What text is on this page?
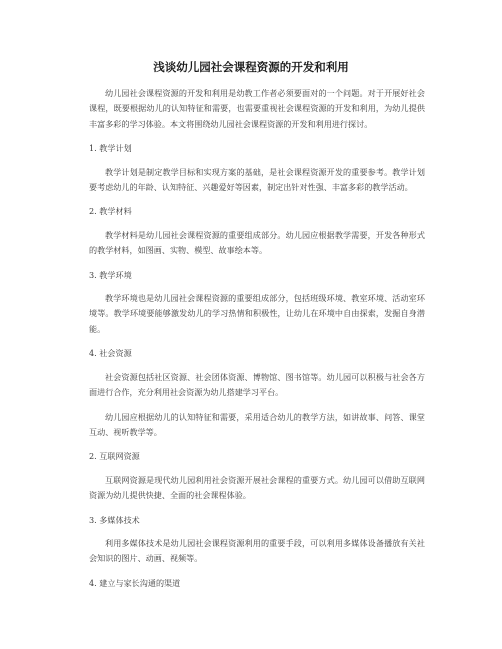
浅谈幼儿园社会课程资源的开发和利用

幼儿园社会课程资源的开发和利用是幼教工作者必须要面对的一个问题。对于开展好社会课程，既要根据幼儿的认知特征和需要，也需要重视社会课程资源的开发和利用，为幼儿提供丰富多彩的学习体验。本文将围绕幼儿园社会课程资源的开发和利用进行探讨。

1. 教学计划

教学计划是制定教学目标和实现方案的基础，是社会课程资源开发的重要参考。教学计划要考虑幼儿的年龄、认知特征、兴趣爱好等因素，制定出针对性强、丰富多彩的教学活动。

2. 教学材料

教学材料是幼儿园社会课程资源的重要组成部分。幼儿园应根据教学需要，开发各种形式的教学材料，如图画、实物、模型、故事绘本等。

3. 教学环境

教学环境也是幼儿园社会课程资源的重要组成部分，包括班级环境、教室环境、活动室环境等。教学环境要能够激发幼儿的学习热情和积极性，让幼儿在环境中自由探索，发掘自身潜能。

4. 社会资源

社会资源包括社区资源、社会团体资源、博物馆、图书馆等。幼儿园可以积极与社会各方面进行合作，充分利用社会资源为幼儿搭建学习平台。

幼儿园应根据幼儿的认知特征和需要，采用适合幼儿的教学方法，如讲故事、问答、课堂互动、视听教学等。

2. 互联网资源

互联网资源是现代幼儿园利用社会资源开展社会课程的重要方式。幼儿园可以借助互联网资源为幼儿提供快捷、全面的社会课程体验。

3. 多媒体技术

利用多媒体技术是幼儿园社会课程资源利用的重要手段，可以利用多媒体设备播放有关社会知识的图片、动画、视频等。

4. 建立与家长沟通的渠道
